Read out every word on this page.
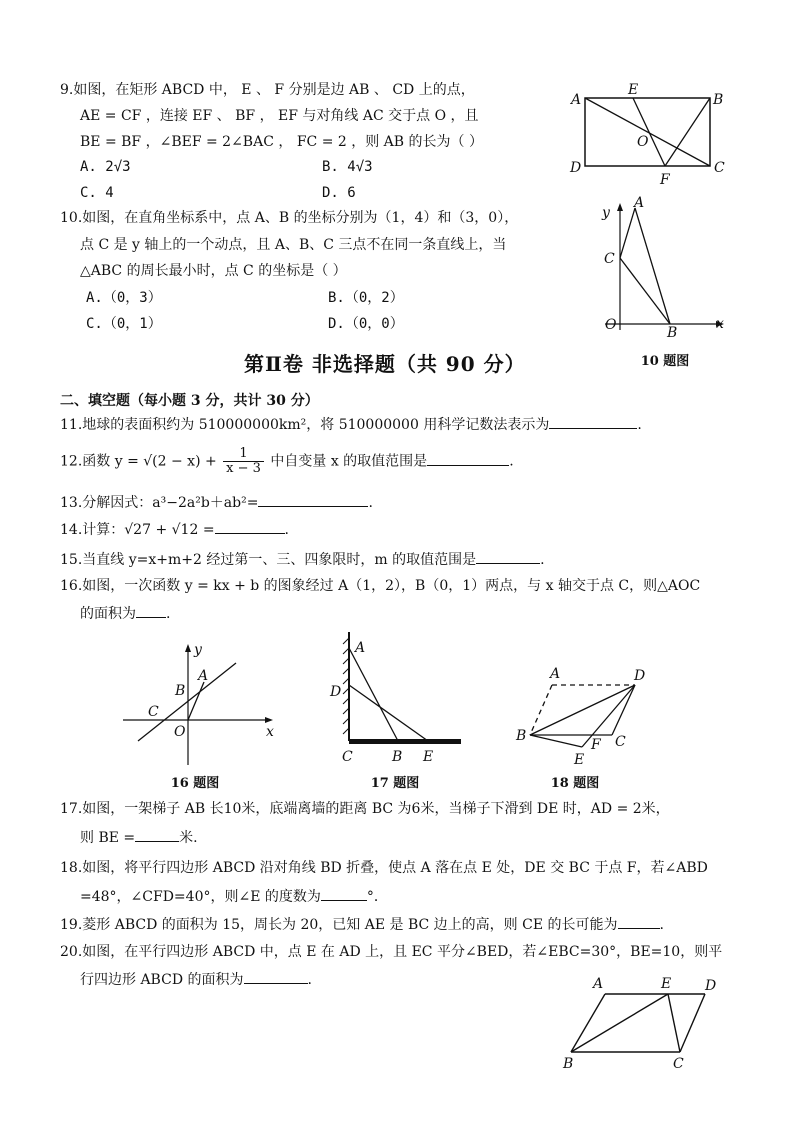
9.如图，在矩形 ABCD 中， E 、 F 分别是边 AB 、 CD 上的点，
AE = CF ，连接 EF 、 BF ， EF 与对角线 AC 交于点 O ，且
BE = BF ，∠BEF = 2∠BAC ， FC = 2 ，则 AB 的长为（ ）
A. 2√3	B. 4√3
C. 4	D. 6
A
E
B
O
D
F
C
10.如图，在直角坐标系中，点 A、B 的坐标分别为（1，4）和（3，0），
点 C 是 y 轴上的一个动点，且 A、B、C 三点不在同一条直线上，当
△ABC 的周长最小时，点 C 的坐标是（ ）
A.（0，3）	B.（0，2）
C.（0，1）	D.（0，0）
y
A
C
O	B
x
10 题图
第Ⅱ卷 非选择题（共 90 分）
二、填空题（每小题 3 分，共计 30 分）
11.地球的表面积约为 510000000km²，将 510000000 用科学记数法表示为	.
12.函数 $y = √(2 - x) + \frac{1}{x - 3}$ 中自变量 x 的取值范围是	.
13.分解因式：a³−2a²b＋ab²=	.
14.计算：√27 + √12 =	.
15.当直线 y=x+m+2 经过第一、三、四象限时，m 的取值范围是	.
16.如图，一次函数 y = kx + b 的图象经过 A（1，2），B（0，1）两点，与 x 轴交于点 C，则△AOC
的面积为 .
y
A
B
C
O	x
16 题图
A
D
C	B E
17 题图
A	D
B
F C
E
18 题图
17.如图，一架梯子 AB 长10米，底端离墙的距离 BC 为6米，当梯子下滑到 DE 时，AD = 2米，
则 BE =	米.
18.如图，将平行四边形 ABCD 沿对角线 BD 折叠，使点 A 落在点 E 处，DE 交 BC 于点 F，若∠ABD
=48°，∠CFD=40°，则∠E 的度数为	°．
19.菱形 ABCD 的面积为 15，周长为 20，已知 AE 是 BC 边上的高，则 CE 的长可能为	.
20.如图，在平行四边形 ABCD 中，点 E 在 AD 上，且 EC 平分∠BED，若∠EBC=30°，BE=10，则平
行四边形 ABCD 的面积为	.	A	E D
B	C
